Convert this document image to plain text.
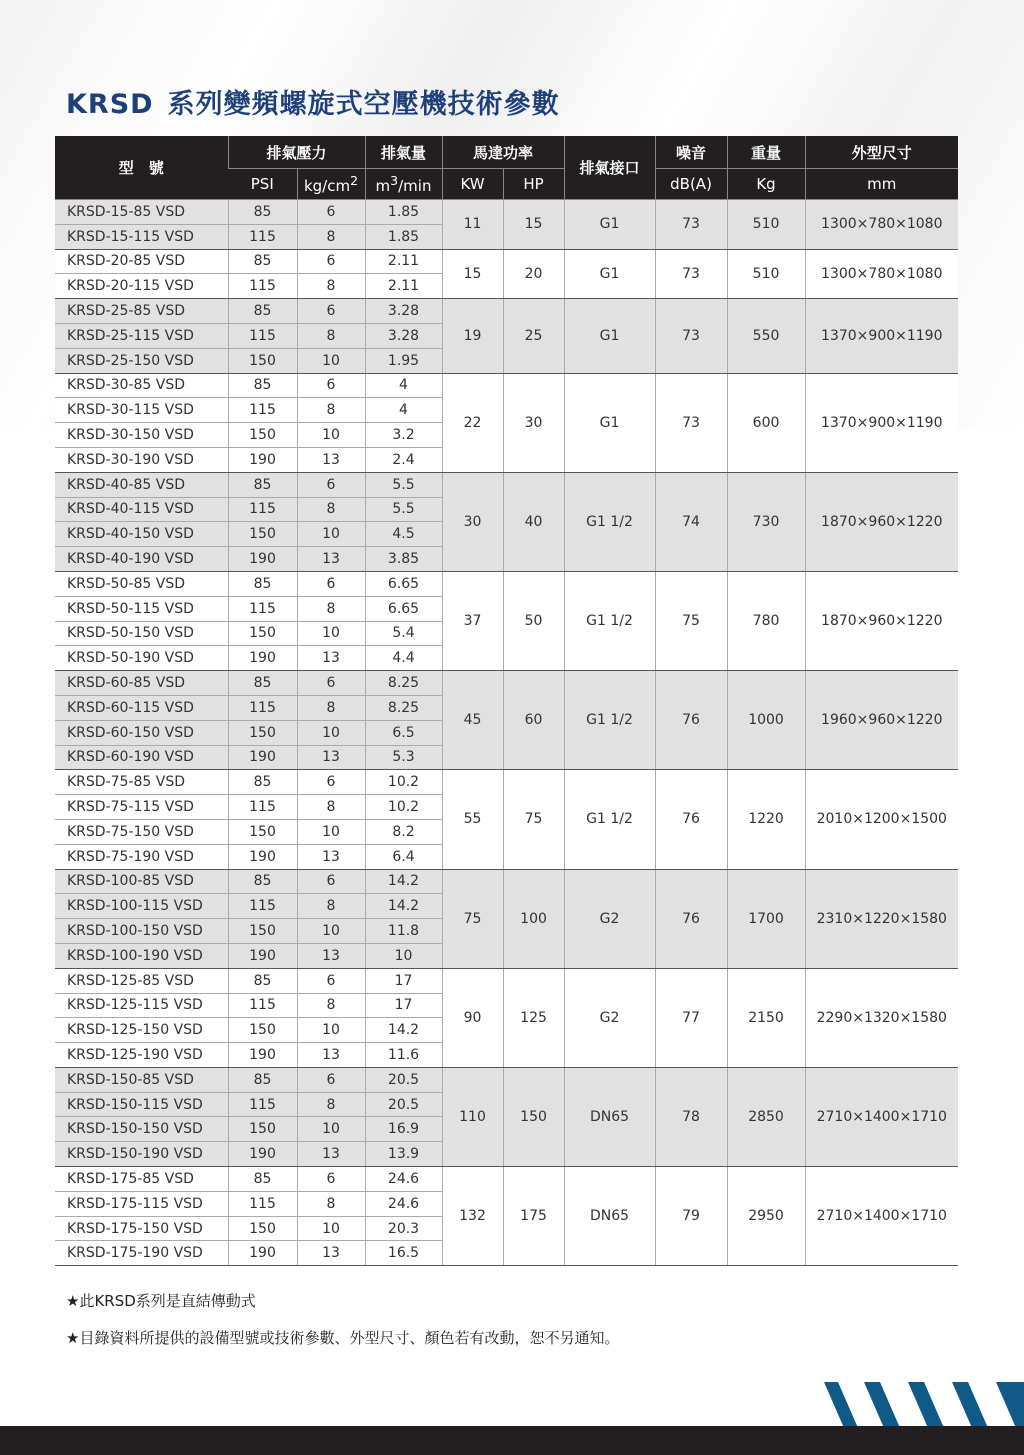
KRSD 系列變頻螺旋式空壓機技術參數
型　號	排氣壓力		排氣量	馬達功率		排氣接口	噪音	重量	外型尺寸
	PSI	$kg/cm^2$	$m^3/\min$	KW	HP		dB(A)	Kg	mm
KRSD-15-85 VSD	85	6	1.85	11	15	G1	73	510	1300×780×1080
KRSD-15-115 VSD	115	8	1.85						
KRSD-20-85 VSD	85	6	2.11	15	20	G1	73	510	1300×780×1080
KRSD-20-115 VSD	115	8	2.11						
KRSD-25-85 VSD	85	6	3.28	19	25	G1	73	550	1370×900×1190
KRSD-25-115 VSD	115	8	3.28						
KRSD-25-150 VSD	150	10	1.95						
KRSD-30-85 VSD	85	6	4	22	30	G1	73	600	1370×900×1190
KRSD-30-115 VSD	115	8	4						
KRSD-30-150 VSD	150	10	3.2						
KRSD-30-190 VSD	190	13	2.4						
KRSD-40-85 VSD	85	6	5.5	30	40	G1 1/2	74	730	1870×960×1220
KRSD-40-115 VSD	115	8	5.5						
KRSD-40-150 VSD	150	10	4.5						
KRSD-40-190 VSD	190	13	3.85						
KRSD-50-85 VSD	85	6	6.65	37	50	G1 1/2	75	780	1870×960×1220
KRSD-50-115 VSD	115	8	6.65						
KRSD-50-150 VSD	150	10	5.4						
KRSD-50-190 VSD	190	13	4.4						
KRSD-60-85 VSD	85	6	8.25	45	60	G1 1/2	76	1000	1960×960×1220
KRSD-60-115 VSD	115	8	8.25						
KRSD-60-150 VSD	150	10	6.5						
KRSD-60-190 VSD	190	13	5.3						
KRSD-75-85 VSD	85	6	10.2	55	75	G1 1/2	76	1220	2010×1200×1500
KRSD-75-115 VSD	115	8	10.2						
KRSD-75-150 VSD	150	10	8.2						
KRSD-75-190 VSD	190	13	6.4						
KRSD-100-85 VSD	85	6	14.2	75	100	G2	76	1700	2310×1220×1580
KRSD-100-115 VSD	115	8	14.2						
KRSD-100-150 VSD	150	10	11.8						
KRSD-100-190 VSD	190	13	10						
KRSD-125-85 VSD	85	6	17	90	125	G2	77	2150	2290×1320×1580
KRSD-125-115 VSD	115	8	17						
KRSD-125-150 VSD	150	10	14.2						
KRSD-125-190 VSD	190	13	11.6						
KRSD-150-85 VSD	85	6	20.5	110	150	DN65	78	2850	2710×1400×1710
KRSD-150-115 VSD	115	8	20.5						
KRSD-150-150 VSD	150	10	16.9						
KRSD-150-190 VSD	190	13	13.9						
KRSD-175-85 VSD	85	6	24.6	132	175	DN65	79	2950	2710×1400×1710
KRSD-175-115 VSD	115	8	24.6						
KRSD-175-150 VSD	150	10	20.3						
KRSD-175-190 VSD	190	13	16.5						

★此KRSD系列是直結傳動式

★目錄資料所提供的設備型號或技術參數、外型尺寸、顏色若有改動，恕不另通知。
